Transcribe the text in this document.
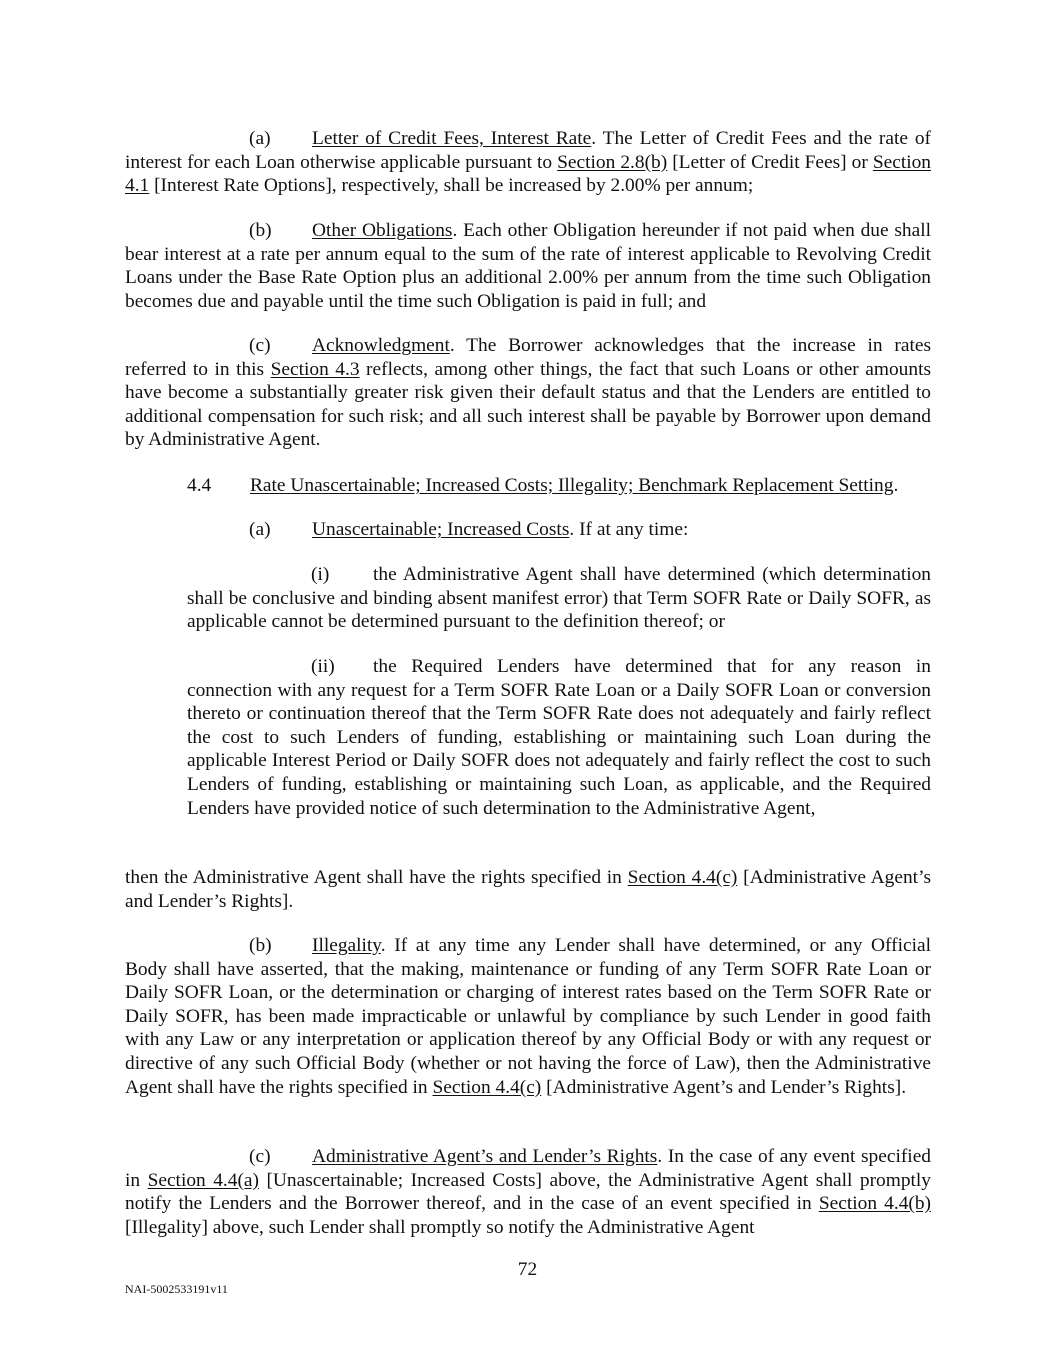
(a) Letter of Credit Fees, Interest Rate. The Letter of Credit Fees and the rate of interest for each Loan otherwise applicable pursuant to Section 2.8(b) [Letter of Credit Fees] or Section 4.1 [Interest Rate Options], respectively, shall be increased by 2.00% per annum;

(b) Other Obligations. Each other Obligation hereunder if not paid when due shall bear interest at a rate per annum equal to the sum of the rate of interest applicable to Revolving Credit Loans under the Base Rate Option plus an additional 2.00% per annum from the time such Obligation becomes due and payable until the time such Obligation is paid in full; and

(c) Acknowledgment. The Borrower acknowledges that the increase in rates referred to in this Section 4.3 reflects, among other things, the fact that such Loans or other amounts have become a substantially greater risk given their default status and that the Lenders are entitled to additional compensation for such risk; and all such interest shall be payable by Borrower upon demand by Administrative Agent.

4.4 Rate Unascertainable; Increased Costs; Illegality; Benchmark Replacement Setting.

(a) Unascertainable; Increased Costs. If at any time:

(i) the Administrative Agent shall have determined (which determination shall be conclusive and binding absent manifest error) that Term SOFR Rate or Daily SOFR, as applicable cannot be determined pursuant to the definition thereof; or

(ii) the Required Lenders have determined that for any reason in connection with any request for a Term SOFR Rate Loan or a Daily SOFR Loan or conversion thereto or continuation thereof that the Term SOFR Rate does not adequately and fairly reflect the cost to such Lenders of funding, establishing or maintaining such Loan during the applicable Interest Period or Daily SOFR does not adequately and fairly reflect the cost to such Lenders of funding, establishing or maintaining such Loan, as applicable, and the Required Lenders have provided notice of such determination to the Administrative Agent,

then the Administrative Agent shall have the rights specified in Section 4.4(c) [Administrative Agent’s and Lender’s Rights].

(b) Illegality. If at any time any Lender shall have determined, or any Official Body shall have asserted, that the making, maintenance or funding of any Term SOFR Rate Loan or Daily SOFR Loan, or the determination or charging of interest rates based on the Term SOFR Rate or Daily SOFR, has been made impracticable or unlawful by compliance by such Lender in good faith with any Law or any interpretation or application thereof by any Official Body or with any request or directive of any such Official Body (whether or not having the force of Law), then the Administrative Agent shall have the rights specified in Section 4.4(c) [Administrative Agent’s and Lender’s Rights].

(c) Administrative Agent’s and Lender’s Rights. In the case of any event specified in Section 4.4(a) [Unascertainable; Increased Costs] above, the Administrative Agent shall promptly notify the Lenders and the Borrower thereof, and in the case of an event specified in Section 4.4(b) [Illegality] above, such Lender shall promptly so notify the Administrative Agent

72
NAI-5002533191v11
